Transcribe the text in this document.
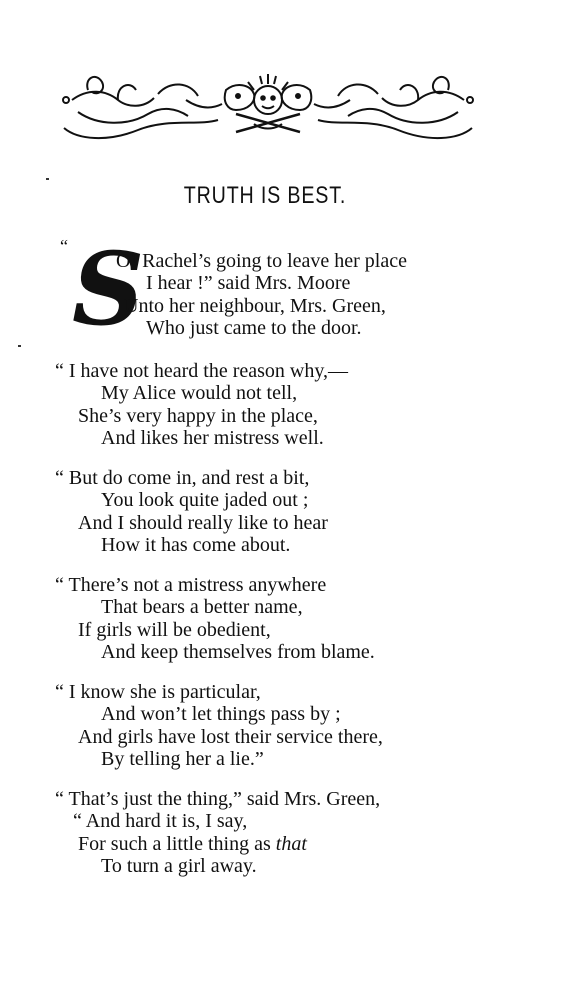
TRUTH IS BEST.
“ S
O! Rachel’s going to leave her place
I hear !” said Mrs. Moore
Unto her neighbour, Mrs. Green,
Who just came to the door.
“ I have not heard the reason why,—
My Alice would not tell,
She’s very happy in the place,
And likes her mistress well.
“ But do come in, and rest a bit,
You look quite jaded out ;
And I should really like to hear
How it has come about.
“ There’s not a mistress anywhere
That bears a better name,
If girls will be obedient,
And keep themselves from blame.
“ I know she is particular,
And won’t let things pass by ;
And girls have lost their service there,
By telling her a lie.”
“ That’s just the thing,” said Mrs. Green,
“ And hard it is, I say,
For such a little thing as that
To turn a girl away.
